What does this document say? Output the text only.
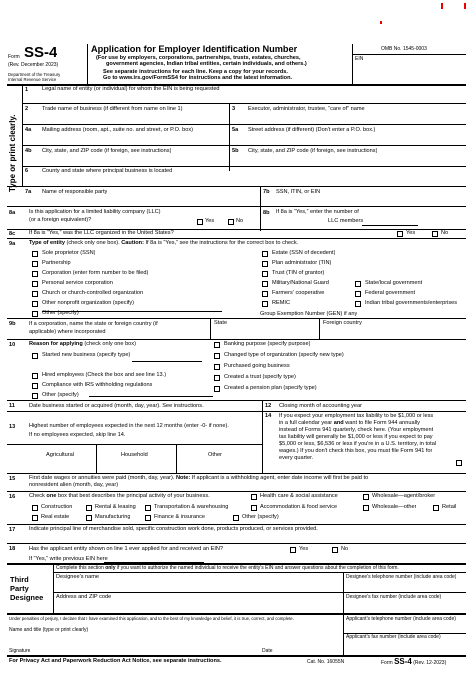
Form SS-4
(Rev. December 2023)
Department of the Treasury
Internal Revenue Service
Application for Employer Identification Number
(For use by employers, corporations, partnerships, trusts, estates, churches,
government agencies, Indian tribal entities, certain individuals, and others.)
See separate instructions for each line. Keep a copy for your records.
Go to www.irs.gov/FormSS4 for instructions and the latest information.
OMB No. 1545-0003
EIN
Type or print clearly.
1 Legal name of entity (or individual) for whom the EIN is being requested
2 Trade name of business (if different from name on line 1)	3 Executor, administrator, trustee, “care of” name
4a Mailing address (room, apt., suite no. and street, or P.O. box)	5a Street address (if different) (Don't enter a P.O. box.)
4b City, state, and ZIP code (if foreign, see instructions)	5b City, state, and ZIP code (if foreign, see instructions)
6 County and state where principal business is located
7a Name of responsible party	7b SSN, ITIN, or EIN
8a Is this application for a limited liability company (LLC)
(or a foreign equivalent)?	Yes	No
8b If 8a is “Yes,” enter the number of
LLC members
8c If 8a is “Yes,” was the LLC organized in the United States?	Yes	No
9a Type of entity (check only one box). Caution: If 8a is “Yes,” see the instructions for the correct box to check.
Sole proprietor (SSN)
Partnership
Corporation (enter form number to be filed)
Personal service corporation
Church or church-controlled organization
Other nonprofit organization (specify)
Other (specify)
Estate (SSN of decedent)
Plan administrator (TIN)
Trust (TIN of grantor)
Military/National Guard
Farmers' cooperative
REMIC
State/local government
Federal government
Indian tribal governments/enterprises
Group Exemption Number (GEN) if any
9b If a corporation, name the state or foreign country (if
applicable) where incorporated
State	Foreign country
10 Reason for applying (check only one box)
Started new business (specify type)
Hired employees (Check the box and see line 13.)
Compliance with IRS withholding regulations
Other (specify)
Banking purpose (specify purpose)
Changed type of organization (specify new type)
Purchased going business
Created a trust (specify type)
Created a pension plan (specify type)
11	Date business started or acquired (month, day, year). See instructions.	12 Closing month of accounting year
13 Highest number of employees expected in the next 12 months (enter -0- if none).
If no employees expected, skip line 14.
Agricultural	Household	Other
14 If you expect your employment tax liability to be $1,000 or less
in a full calendar year and want to file Form 944 annually
instead of Forms 941 quarterly, check here. (Your employment
tax liability will generally be $1,000 or less if you expect to pay
$5,000 or less, $6,536 or less if you're in a U.S. territory, in total
wages.) If you don't check this box, you must file Form 941 for
every quarter.
15 First date wages or annuities were paid (month, day, year). Note: If applicant is a withholding agent, enter date income will first be paid to
nonresident alien (month, day, year)
16 Check one box that best describes the principal activity of your business.	Health care & social assistance	Wholesale—agent/broker
Construction	Rental & leasing	Transportation & warehousing	Accommodation & food service	Wholesale—other	Retail
Real estate	Manufacturing	Finance & insurance	Other (specify)
17 Indicate principal line of merchandise sold, specific construction work done, products produced, or services provided.
18 Has the applicant entity shown on line 1 ever applied for and received an EIN?	Yes	No
If “Yes,” write previous EIN here
Third
Party
Designee
Complete this section only if you want to authorize the named individual to receive the entity's EIN and answer questions about the completion of this form.
Designee's name	Designee's telephone number (include area code)
Address and ZIP code	Designee's fax number (include area code)
Under penalties of perjury, I declare that I have examined this application, and to the best of my knowledge and belief, it is true, correct, and complete.	Applicant's telephone number (include area code)
Name and title (type or print clearly)
Applicant's fax number (include area code)
Signature	Date
For Privacy Act and Paperwork Reduction Act Notice, see separate instructions.	Cat. No. 16055N	Form SS-4 (Rev. 12-2023)
